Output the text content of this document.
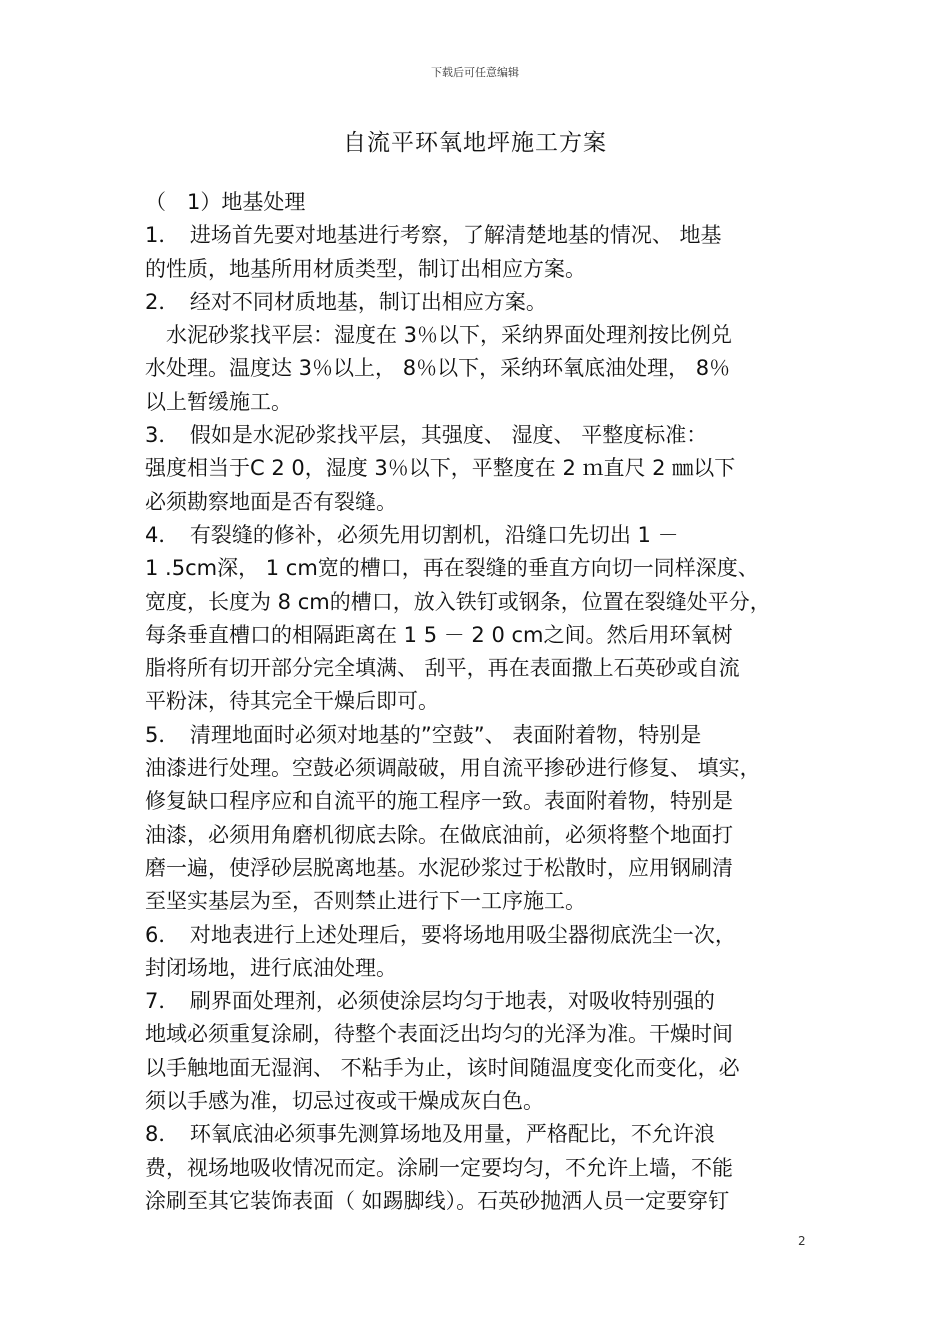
下载后可任意编辑
自流平环氧地坪施工方案
（　1）地基处理
1．　进场首先要对地基进行考察，了解清楚地基的情况、 地基
的性质，地基所用材质类型，制订出相应方案。
2．　经对不同材质地基，制订出相应方案。
　水泥砂浆找平层：湿度在 3％以下，采纳界面处理剂按比例兑
水处理。温度达 3％以上， 8％以下，采纳环氧底油处理， 8％
以上暂缓施工。
3．　假如是水泥砂浆找平层，其强度、 湿度、 平整度标准：
强度相当于C 2 0，湿度 3％以下，平整度在 2 ｍ直尺 2 ㎜以下
必须勘察地面是否有裂缝。
4．　有裂缝的修补，必须先用切割机，沿缝口先切出 1 －
1 .5cm深， 1 cm宽的槽口，再在裂缝的垂直方向切一同样深度、
宽度，长度为 8 cm的槽口，放入铁钉或钢条，位置在裂缝处平分，
每条垂直槽口的相隔距离在 1 5 － 2 0 cm之间。然后用环氧树
脂将所有切开部分完全填满、 刮平，再在表面撒上石英砂或自流
平粉沫，待其完全干燥后即可。
5．　清理地面时必须对地基的”空鼓”、 表面附着物，特别是
油漆进行处理。空鼓必须调敲破，用自流平掺砂进行修复、 填实，
修复缺口程序应和自流平的施工程序一致。表面附着物，特别是
油漆，必须用角磨机彻底去除。在做底油前，必须将整个地面打
磨一遍，使浮砂层脱离地基。水泥砂浆过于松散时，应用钢刷清
至坚实基层为至，否则禁止进行下一工序施工。
6．　对地表进行上述处理后，要将场地用吸尘器彻底洗尘一次，
封闭场地，进行底油处理。
7．　刷界面处理剂，必须使涂层均匀于地表，对吸收特别强的
地域必须重复涂刷，待整个表面泛出均匀的光泽为准。干燥时间
以手触地面无湿润、 不粘手为止，该时间随温度变化而变化，必
须以手感为准，切忌过夜或干燥成灰白色。
8．　环氧底油必须事先测算场地及用量，严格配比，不允许浪
费，视场地吸收情况而定。涂刷一定要均匀，不允许上墙，不能
涂刷至其它装饰表面（ 如踢脚线）。石英砂抛洒人员一定要穿钉
2
